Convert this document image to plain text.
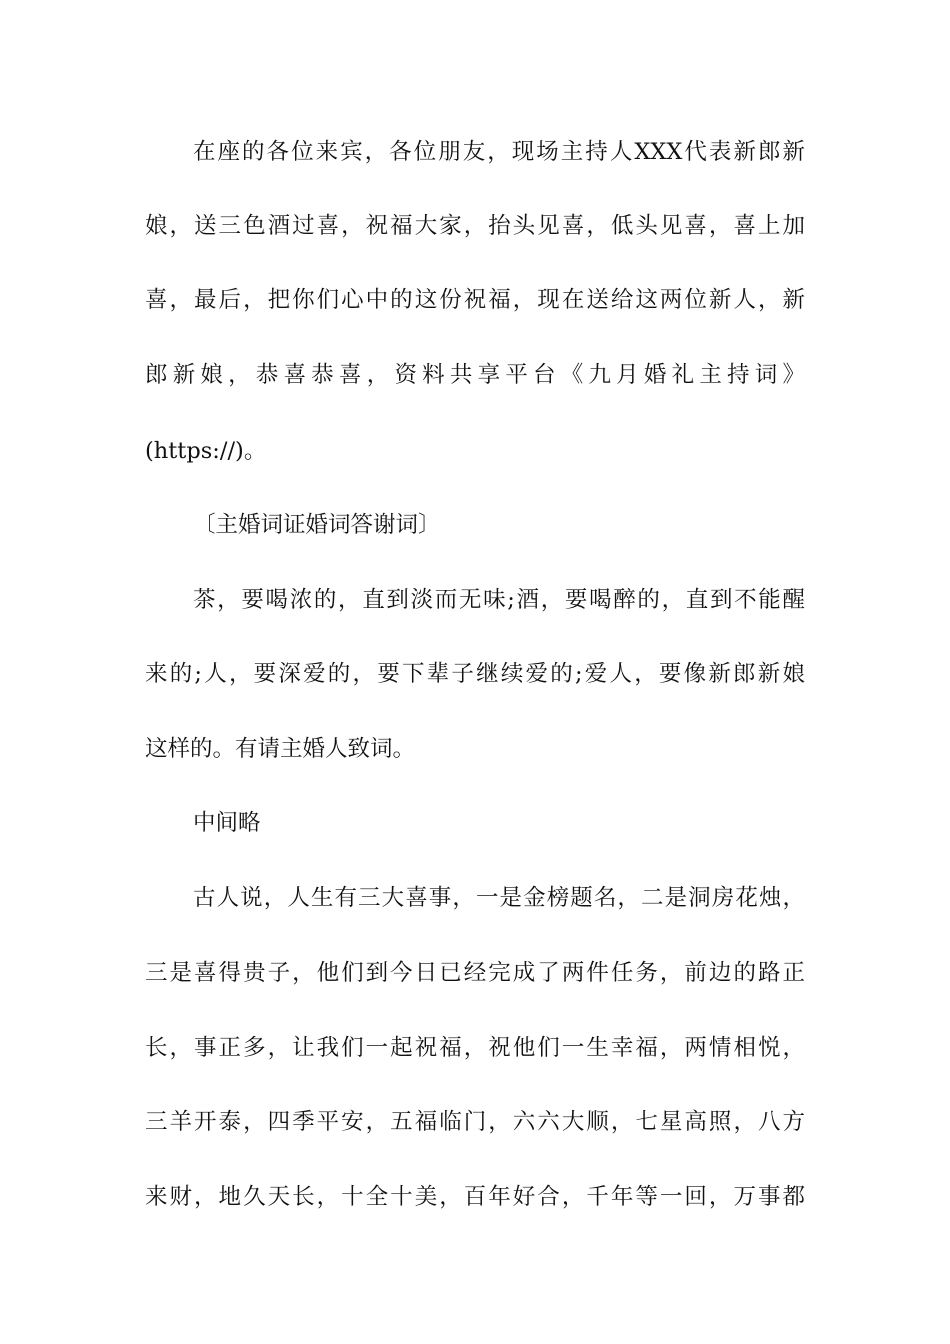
在座的各位来宾，各位朋友，现场主持人XXX代表新郎新
娘，送三色酒过喜，祝福大家，抬头见喜，低头见喜，喜上加
喜，最后，把你们心中的这份祝福，现在送给这两位新人，新
郎新娘，恭喜恭喜，资料共享平台《九月婚礼主持词》
(https://)。
〔主婚词证婚词答谢词〕
茶，要喝浓的，直到淡而无味;酒，要喝醉的，直到不能醒
来的;人，要深爱的，要下辈子继续爱的;爱人，要像新郎新娘
这样的。有请主婚人致词。
中间略
古人说，人生有三大喜事，一是金榜题名，二是洞房花烛，
三是喜得贵子，他们到今日已经完成了两件任务，前边的路正
长，事正多，让我们一起祝福，祝他们一生幸福，两情相悦，
三羊开泰，四季平安，五福临门，六六大顺，七星高照，八方
来财，地久天长，十全十美，百年好合，千年等一回，万事都
